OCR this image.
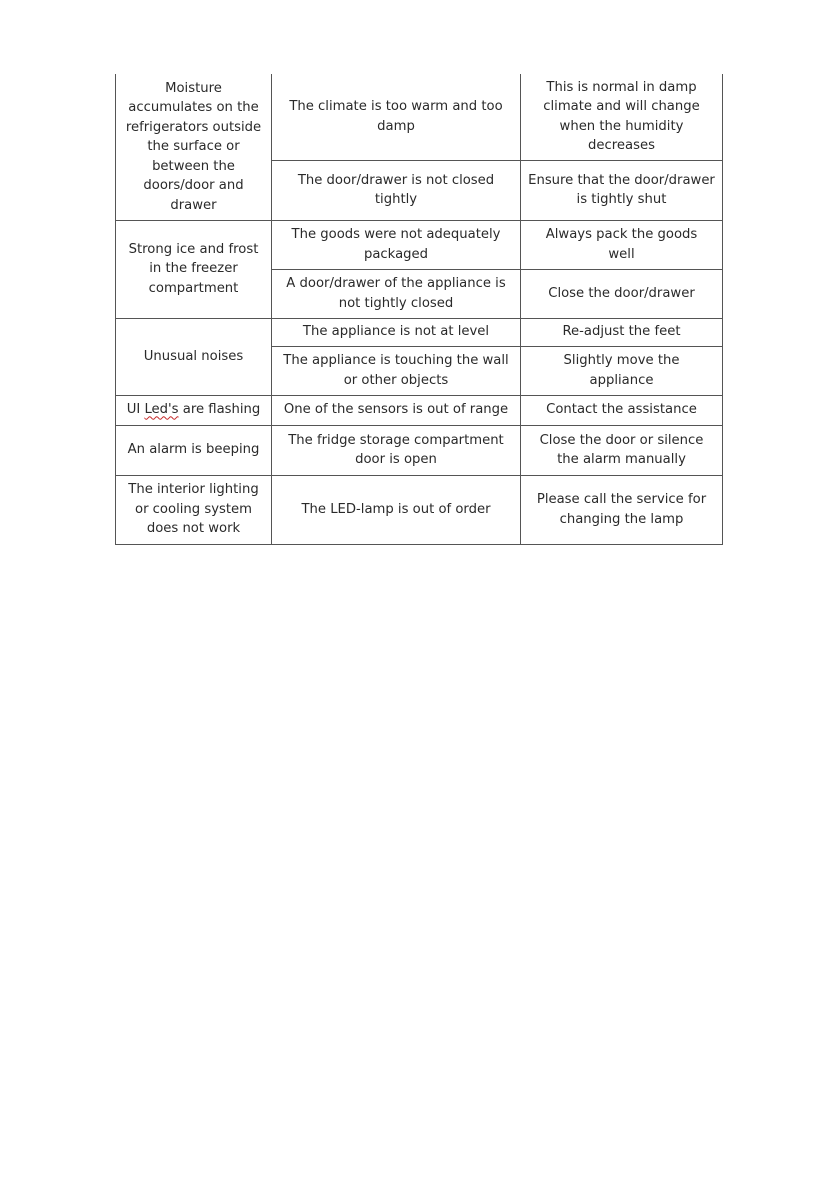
Moisture accumulates on the refrigerators outside the surface or between the doors/door and drawer	The climate is too warm and too damp	This is normal in damp climate and will change when the humidity decreases
	The door/drawer is not closed tightly	Ensure that the door/drawer is tightly shut
Strong ice and frost in the freezer compartment	The goods were not adequately packaged	Always pack the goods well
	A door/drawer of the appliance is not tightly closed	Close the door/drawer
Unusual noises	The appliance is not at level	Re-adjust the feet
	The appliance is touching the wall or other objects	Slightly move the appliance
UI Led's are flashing	One of the sensors is out of range	Contact the assistance
An alarm is beeping	The fridge storage compartment door is open	Close the door or silence the alarm manually
The interior lighting or cooling system does not work	The LED-lamp is out of order	Please call the service for changing the lamp
